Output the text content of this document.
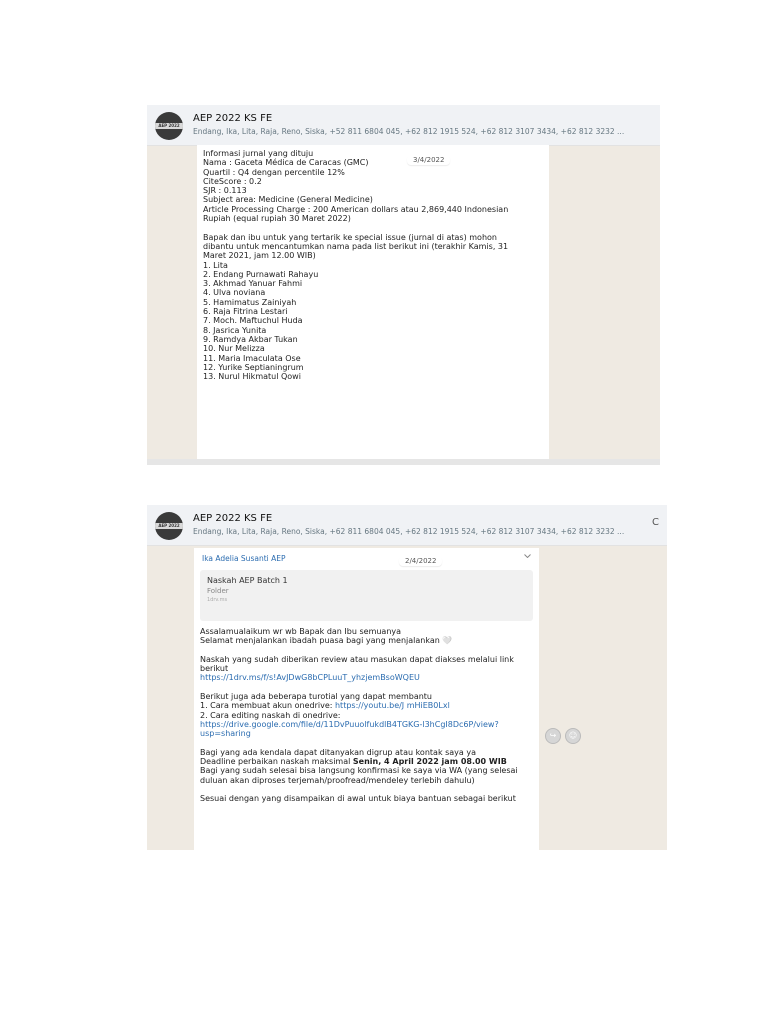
AEP 2022
AEP 2022 KS FE
Endang, Ika, Lita, Raja, Reno, Siska, +52 811 6804 045, +62 812 1915 524, +62 812 3107 3434, +62 812 3232 ...
3/4/2022
Informasi jurnal yang dituju
Nama : Gaceta Médica de Caracas (GMC)
Quartil : Q4 dengan percentile 12%
CiteScore : 0.2
SJR : 0.113
Subject area: Medicine (General Medicine)
Article Processing Charge : 200 American dollars atau 2,869,440 Indonesian
Rupiah (equal rupiah 30 Maret 2022)
Bapak dan ibu untuk yang tertarik ke special issue (jurnal di atas) mohon
dibantu untuk mencantumkan nama pada list berikut ini (terakhir Kamis, 31
Maret 2021, jam 12.00 WIB)
1. Lita
2. Endang Purnawati Rahayu
3. Akhmad Yanuar Fahmi
4. Ulva noviana
5. Hamimatus Zainiyah
6. Raja Fitrina Lestari
7. Moch. Maftuchul Huda
8. Jasrica Yunita
9. Ramdya Akbar Tukan
10. Nur Melizza
11. Maria Imaculata Ose
12. Yurike Septianingrum
13. Nurul Hikmatul Qowi
AEP 2022
AEP 2022 KS FE
Endang, Ika, Lita, Raja, Reno, Siska, +62 811 6804 045, +62 812 1915 524, +62 812 3107 3434, +62 812 3232 ...
Ika Adelia Susanti AEP	2/4/2022
Naskah AEP Batch 1
Folder
1drv.ms
Assalamualaikum wr wb Bapak dan Ibu semuanya
Selamat menjalankan ibadah puasa bagi yang menjalankan 🤍
Naskah yang sudah diberikan review atau masukan dapat diakses melalui link
berikut
https://1drv.ms/f/s!AvJDwG8bCPLuuT_yhzjemBsoWQEU
Berikut juga ada beberapa turotial yang dapat membantu
1. Cara membuat akun onedrive: https://youtu.be/J mHiEB0Lxl
2. Cara editing naskah di onedrive:
https://drive.google.com/file/d/11DvPuuolfukdlB4TGKG-l3hCgI8Dc6P/view?
usp=sharing
Bagi yang ada kendala dapat ditanyakan digrup atau kontak saya ya
Deadline perbaikan naskah maksimal Senin, 4 April 2022 jam 08.00 WIB
Bagi yang sudah selesai bisa langsung konfirmasi ke saya via WA (yang selesai
duluan akan diproses terjemah/proofread/mendeley terlebih dahulu)
Sesuai dengan yang disampaikan di awal untuk biaya bantuan sebagai berikut
↪	☺
C
